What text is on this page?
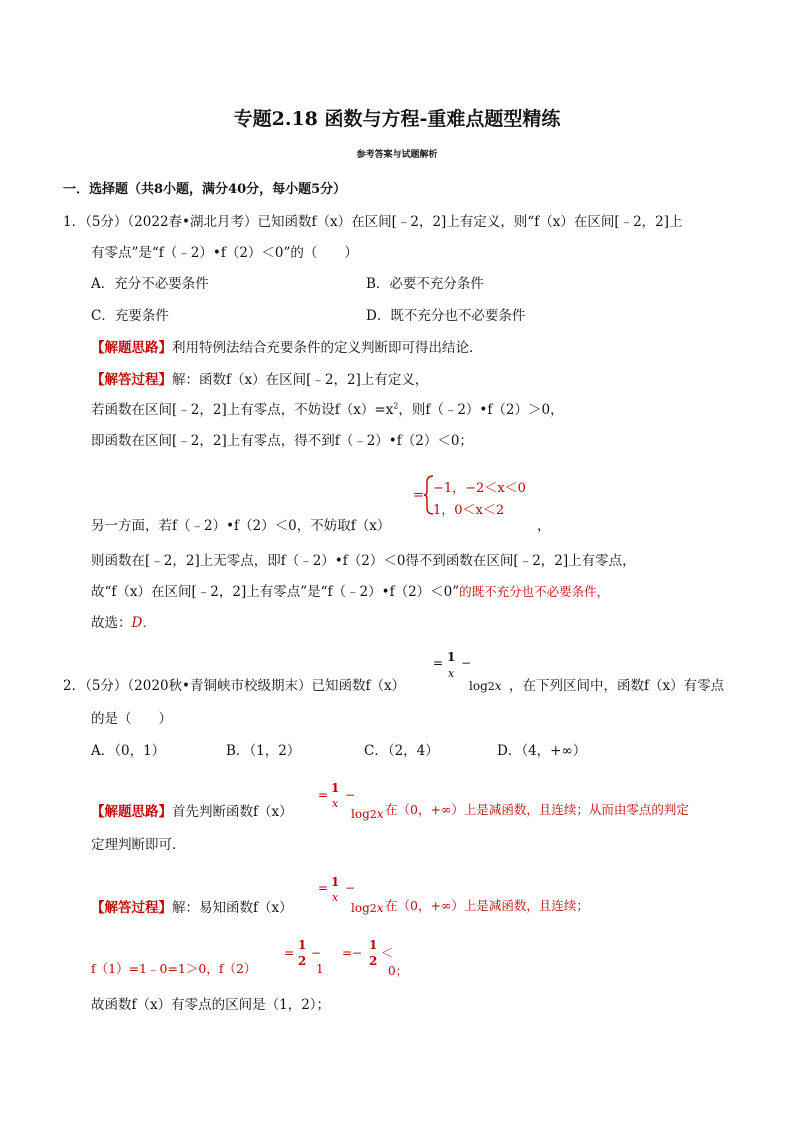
专题2.18 函数与方程-重难点题型精练
参考答案与试题解析
一．选择题（共8小题，满分40分，每小题5分）
1．（5分）（2022春•湖北月考）已知函数f（x）在区间[﹣2，2]上有定义，则“f（x）在区间[﹣2，2]上
有零点”是“f（﹣2）•f（2）＜0”的（　　）
A．充分不必要条件	B．必要不充分条件
C．充要条件	D．既不充分也不必要条件
【解题思路】利用特例法结合充要条件的定义判断即可得出结论．
【解答过程】解：函数f（x）在区间[﹣2，2]上有定义，
若函数在区间[﹣2，2]上有零点，不妨设$f(x)=x^2$，则f（﹣2）•f（2）＞0，
即函数在区间[﹣2，2]上有零点，得不到f（﹣2）•f（2）＜0；
= −1，−2＜x＜0
1，0＜x＜2
另一方面，若f（﹣2）•f（2）＜0，不妨取f（x）	，
则函数在[﹣2，2]上无零点，即f（﹣2）•f（2）＜0得不到函数在区间[﹣2，2]上有零点，
故“f（x）在区间[﹣2，2]上有零点”是“f（﹣2）•f（2）＜0”的既不充分也不必要条件，
故选：D．
2．（5分）（2020秋•青铜峡市校级期末）已知函数f（x）
= 1
x
−
log2x ，在下列区间中，函数f（x）有零点
的是（　　）
A．（0，1）	B．（1，2）	C．（2，4）	D．（4，+∞）
【解题思路】首先判断函数f（x）
= 1
x
−
log2x 在（0，+∞）上是减函数，且连续；从而由零点的判定
定理判断即可．
【解答过程】解：易知函数f（x）
= 1
x
−
log2x 在（0，+∞）上是减函数，且连续；
f（1）=1﹣0=1＞0，f（2）
=
1
2
−
1
=−
1
2
＜
0；
故函数f（x）有零点的区间是（1，2）；
